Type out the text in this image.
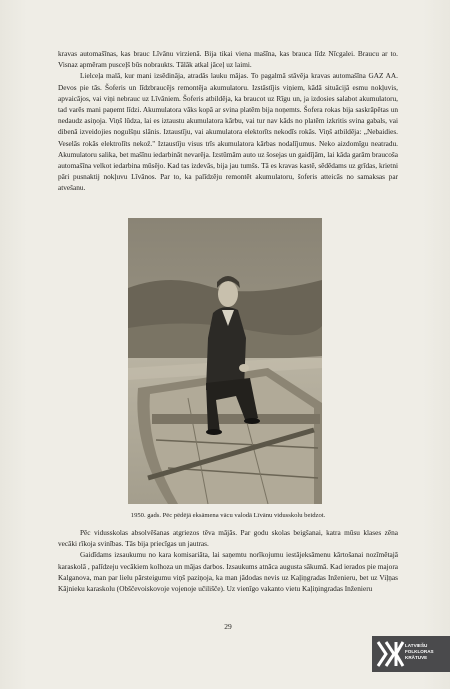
kravas automašīnas, kas brauc Līvānu virzienā. Bija tikai viena mašīna, kas brauca līdz Nīcgalei. Braucu ar to. Visnaz apmēram pusceļš būs nobraukts. Tālāk atkal jāceļ uz laimi.

Lielceļa malā, kur mani izsēdināja, atradās lauku mājas. To pagalmā stāvēja kravas automašīna GAZ AA. Devos pie tās. Šoferis un līdzbraucējs remontēja akumulatoru. Izstāstījis viņiem, kādā situācijā esmu nokļuvis, apvaicājos, vai viņi nebrauc uz Līvāniem. Šoferis atbildēja, ka braucot uz Rīgu un, ja izdosies salabot akumulatoru, tad varēs mani paņemt līdzi. Akumulatora vāks kopā ar svina platēm bija noņemts. Šofera rokas bija saskrāpētas un nedaudz asiņoja. Viņš lūdza, lai es iztaustu akumulatora kārbu, vai tur nav kāds no platēm izkritis svina gabals, vai dibenā izveidojies nogulšņu slānis. Iztaustīju, vai akumulatora elektorīts nekodīs rokās. Viņš atbildēja: „Nebaidies. Veselās rokās elektrolīts nekož." Iztaustīju visus trīs akumulatora kārbas nodalījumus. Neko aizdomīgu neatradu. Akumulatoru salika, bet mašīnu iedarbināt nevarēja. Izstūmām auto uz šosejas un gaidījām, lai kāda garām braucoša automašīna velkot iedarbina mūsējo. Kad tas izdevās, bija jau tumšs. Tā es kravas kastē, sēdēdams uz grīdas, krietni pāri pusnaktij nokļuvu Līvānos. Par to, ka palīdzēju remontēt akumulatoru, šoferis atteicās no samaksas par atvešanu.

1950. gads. Pēc pēdējā eksāmena vācu valodā Līvānu vidusskolu beidzot.

Pēc vidusskolas absolvēšanas atgriezos tēva mājās. Par godu skolas beigšanai, katra mūsu klases zēna vecāki rīkoja svinības. Tās bija priecīgas un jautras.

Gaidīdams izsaukumu no kara komisariāta, lai saņemtu norīkojumu iestājeksāmenu kārtošanai nozīmētajā karaskolā , palīdzeju vecākiem kolhoza un mājas darbos. Izsaukums atnāca augusta sākumā. Kad ierados pie majora Kalganova, man par lielu pārsteigumu viņš paziņoja, ka man jādodas nevis uz Kaļiņgradas Inženieru, bet uz Viļņas Kājnieku karaskolu (Obščevoiskovoje vojenoje učilišče). Uz vienīgo vakanto vietu Kaļiņingradas Inženieru

29
LATVIEŠU
FOLKLORAS
KRĀTUVE
